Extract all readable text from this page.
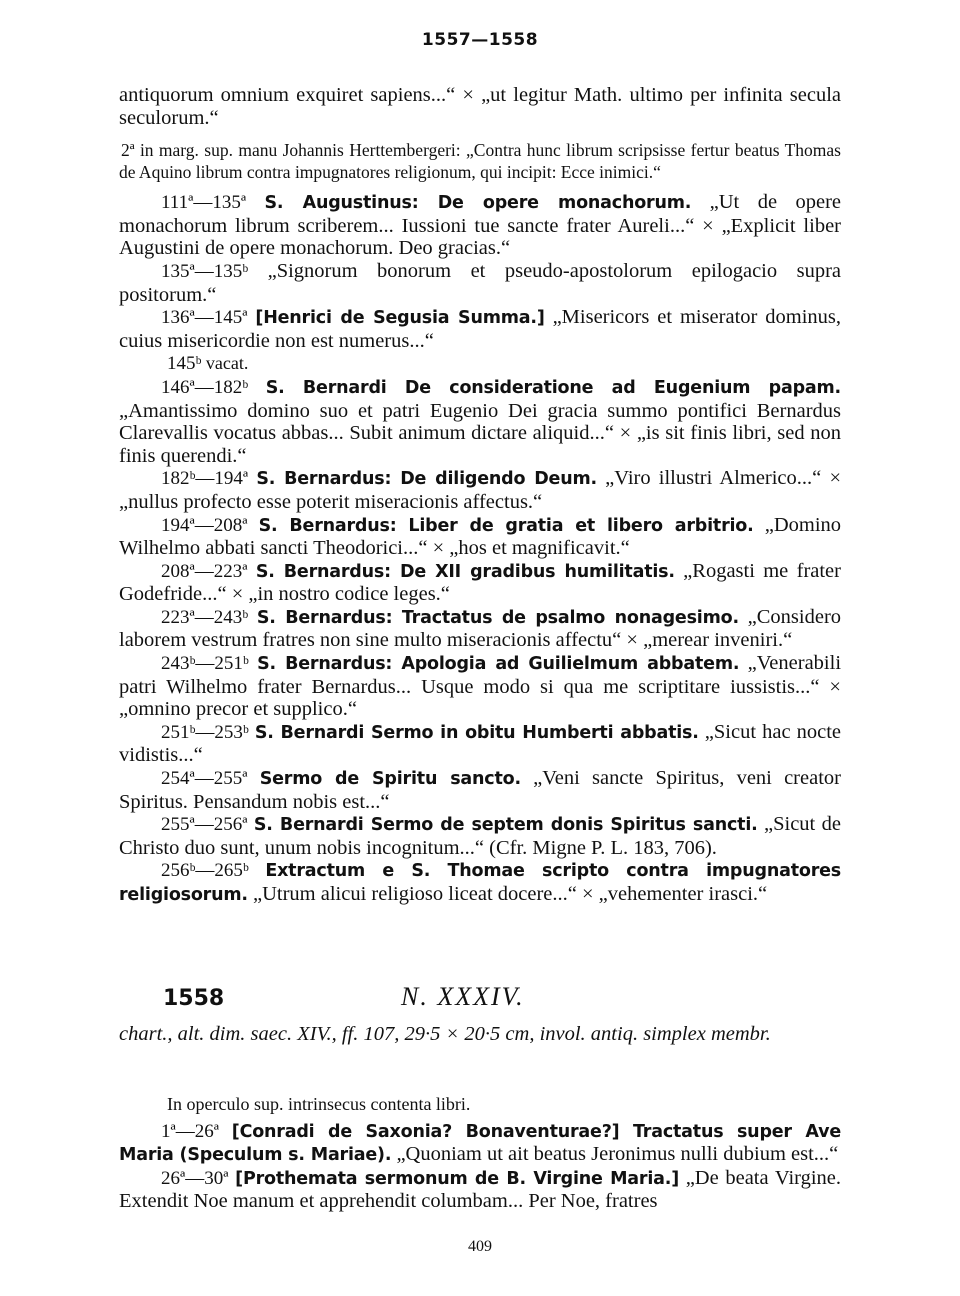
1557—1558

antiquorum omnium exquiret sapiens...“ × „ut legitur Math. ultimo per infinita secula seculorum.“

2ª in marg. sup. manu Johannis Herttembergeri: „Contra hunc librum scripsisse fertur beatus Thomas de Aquino librum contra impugnatores religionum, qui incipit: Ecce inimici.“

111ª—135ª S. Augustinus: De opere monachorum. „Ut de opere monachorum librum scriberem... Iussioni tue sancte frater Aureli...“ × „Explicit liber Augustini de opere monachorum. Deo gracias.“

135ª—135ᵇ „Signorum bonorum et pseudo-apostolorum epilogacio supra positorum.“

136ª—145ª [Henrici de Segusia Summa.] „Misericors et miserator dominus, cuius misericordie non est numerus...“

145ᵇ vacat.

146ª—182ᵇ S. Bernardi De consideratione ad Eugenium papam. „Amantissimo domino suo et patri Eugenio Dei gracia summo pontifici Bernardus Clarevallis vocatus abbas... Subit animum dictare aliquid...“ × „is sit finis libri, sed non finis querendi.“

182ᵇ—194ª S. Bernardus: De diligendo Deum. „Viro illustri Almerico...“ × „nullus profecto esse poterit miseracionis affectus.“

194ª—208ª S. Bernardus: Liber de gratia et libero arbitrio. „Domino Wilhelmo abbati sancti Theodorici...“ × „hos et magnificavit.“

208ª—223ª S. Bernardus: De XII gradibus humilitatis. „Rogasti me frater Godefride...“ × „in nostro codice leges.“

223ª—243ᵇ S. Bernardus: Tractatus de psalmo nonagesimo. „Considero laborem vestrum fratres non sine multo miseracionis affectu“ × „merear inveniri.“

243ᵇ—251ᵇ S. Bernardus: Apologia ad Guilielmum abbatem. „Venerabili patri Wilhelmo frater Bernardus... Usque modo si qua me scriptitare iussistis...“ × „omnino precor et supplico.“

251ᵇ—253ᵇ S. Bernardi Sermo in obitu Humberti abbatis. „Sicut hac nocte vidistis...“

254ª—255ª Sermo de Spiritu sancto. „Veni sancte Spiritus, veni creator Spiritus. Pensandum nobis est...“

255ª—256ª S. Bernardi Sermo de septem donis Spiritus sancti. „Sicut de Christo duo sunt, unum nobis incognitum...“ (Cfr. Migne P. L. 183, 706).

256ᵇ—265ᵇ Extractum e S. Thomae scripto contra impugnatores religiosorum. „Utrum alicui religioso liceat docere...“ × „vehementer irasci.“

1558	N. XXXIV.

chart., alt. dim. saec. XIV., ff. 107, 29·5 × 20·5 cm, invol. antiq. simplex membr.

In operculo sup. intrinsecus contenta libri.

1ª—26ª [Conradi de Saxonia? Bonaventurae?] Tractatus super Ave Maria (Speculum s. Mariae). „Quoniam ut ait beatus Jeronimus nulli dubium est...“

26ª—30ª [Prothemata sermonum de B. Virgine Maria.] „De beata Virgine. Extendit Noe manum et apprehendit columbam... Per Noe, fratres

409
